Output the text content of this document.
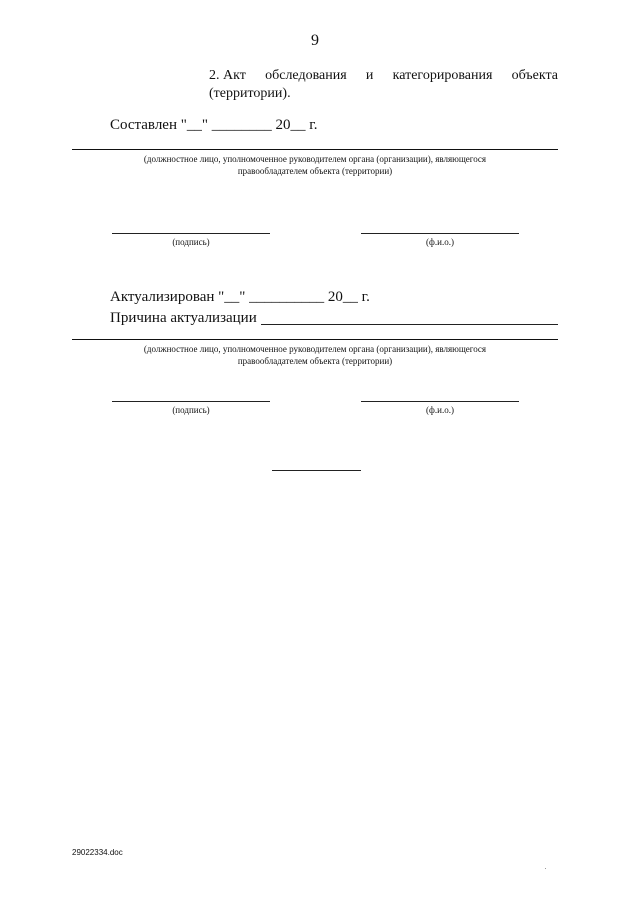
9
2. Акт обследования и категорирования объекта
(территории).
Составлен "__" ________ 20__ г.
(должностное лицо, уполномоченное руководителем органа (организации), являющегося
правообладателем объекта (территории)
(подпись)	(ф.и.о.)
Актуализирован "__" __________ 20__ г.
Причина актуализации
(должностное лицо, уполномоченное руководителем органа (организации), являющегося
правообладателем объекта (территории)
(подпись)	(ф.и.о.)
29022334.doc
